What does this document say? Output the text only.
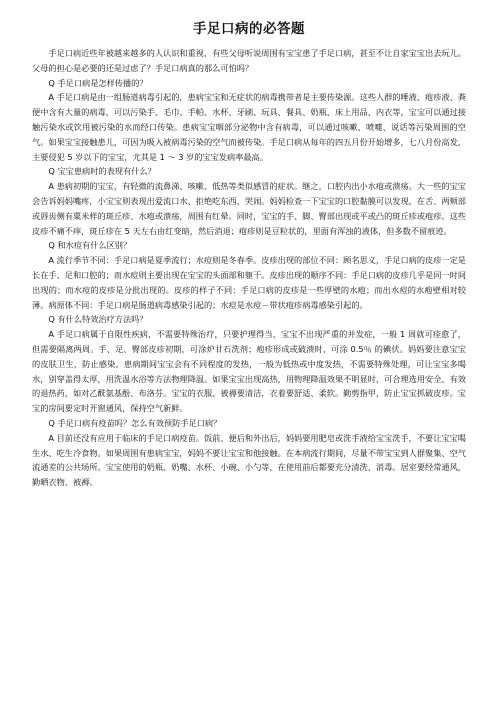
手足口病的必答题

手足口病近些年被越来越多的人认识和重视，有些父母听说周围有宝宝患了手足口病，甚至不让自家宝宝出去玩儿。父母的担心是必要的还是过虑了？手足口病真的那么可怕吗？

Q 手足口病是怎样传播的？

A 手足口病是由一组肠道病毒引起的，患病宝宝和无症状的病毒携带者是主要传染源。这些人群的唾液、疱疹液、粪便中含有大量的病毒，可以污染手、毛巾、手帕、水杯、牙刷、玩具、餐具、奶瓶、床上用品、内衣等，宝宝可以通过接触污染水或饮用被污染的水而经口传染。患病宝宝咽部分泌物中含有病毒，可以通过咳嗽、喷嚏、说话等污染周围的空气。如果宝宝接触患儿，可因为吸入被病毒污染的空气而被传染。手足口病从每年的四五月份开始增多，七八月份高发，主要侵犯 5 岁以下的宝宝，尤其是 1 ～ 3 岁的宝宝发病率最高。

Q 宝宝患病时的表现有什么？

A 患病初期的宝宝，有轻微的流鼻涕、咳嗽、低热等类似感冒的症状。继之，口腔内出小水疱或溃疡。大一些的宝宝会告诉妈妈嘴疼，小宝宝则表现出爱流口水、拒绝吃东西、哭闹。妈妈检查一下宝宝的口腔黏膜可以发现，在舌、两颊部或唇齿侧有粟米样的斑丘疹、水疱或溃疡，周围有红晕。同时，宝宝的手、脚、臀部出现或平或凸的斑丘疹或疱疹。这些皮疹不痛不痒，斑丘疹在 5 天左右由红变暗，然后消退；疱疹则是豆粒状的，里面有浑浊的液体，但多数不留痕迹。

Q 和水痘有什么区别？

A 流行季节不同：手足口病是夏季流行；水痘则是冬春季。皮疹出现的部位不同：顾名思义，手足口病的皮疹一定是长在手、足和口腔的；而水痘则主要出现在宝宝的头面部和躯干。皮疹出现的顺序不同：手足口病的皮疹几乎是同一时间出现的；而水痘的皮疹是分批出现的。皮疹的样子不同：手足口病的皮疹是一些厚壁的水疱；而出水痘的水疱壁相对较薄。病原体不同：手足口病是肠道病毒感染引起的；水痘是水痘－带状疱疹病毒感染引起的。

Q 有什么特效治疗方法吗？

A 手足口病属于自限性疾病，不需要特殊治疗，只要护理得当，宝宝不出现严重的并发症，一般 1 周就可痊愈了，但需要隔离两周。手、足、臀部皮疹初期，可涂炉甘石洗剂；疱疹形成或破溃时，可涂 0.5％ 的碘伏。妈妈要注意宝宝的皮肤卫生，防止感染。患病期间宝宝会有不同程度的发热，一般为低热或中度发热，不需要特殊处理，可让宝宝多喝水，别穿盖得太厚，用洗温水浴等方法物理降温。如果宝宝出现高热，用物理降温效果不明显时，可合理选用安全、有效的退热药，如对乙酰氨基酚、布洛芬。宝宝的衣服、被褥要清洁，衣着要舒适、柔软。勤剪指甲，防止宝宝抓破皮疹。宝宝的房间要定时开窗通风，保持空气新鲜。

Q 手足口病有疫苗吗？怎么有效预防手足口病？

A 目前还没有应用于临床的手足口病疫苗。饭前、便后和外出后，妈妈要用肥皂或洗手液给宝宝洗手，不要让宝宝喝生水、吃生冷食物。如果周围有患病宝宝，妈妈不要让宝宝和他接触。在本病流行期间，尽量不带宝宝到人群聚集、空气流通差的公共场所。宝宝使用的奶瓶、奶嘴、水杯、小碗、小勺等，在使用前后都要充分清洗、消毒。居室要经常通风，勤晒衣物、被褥。
